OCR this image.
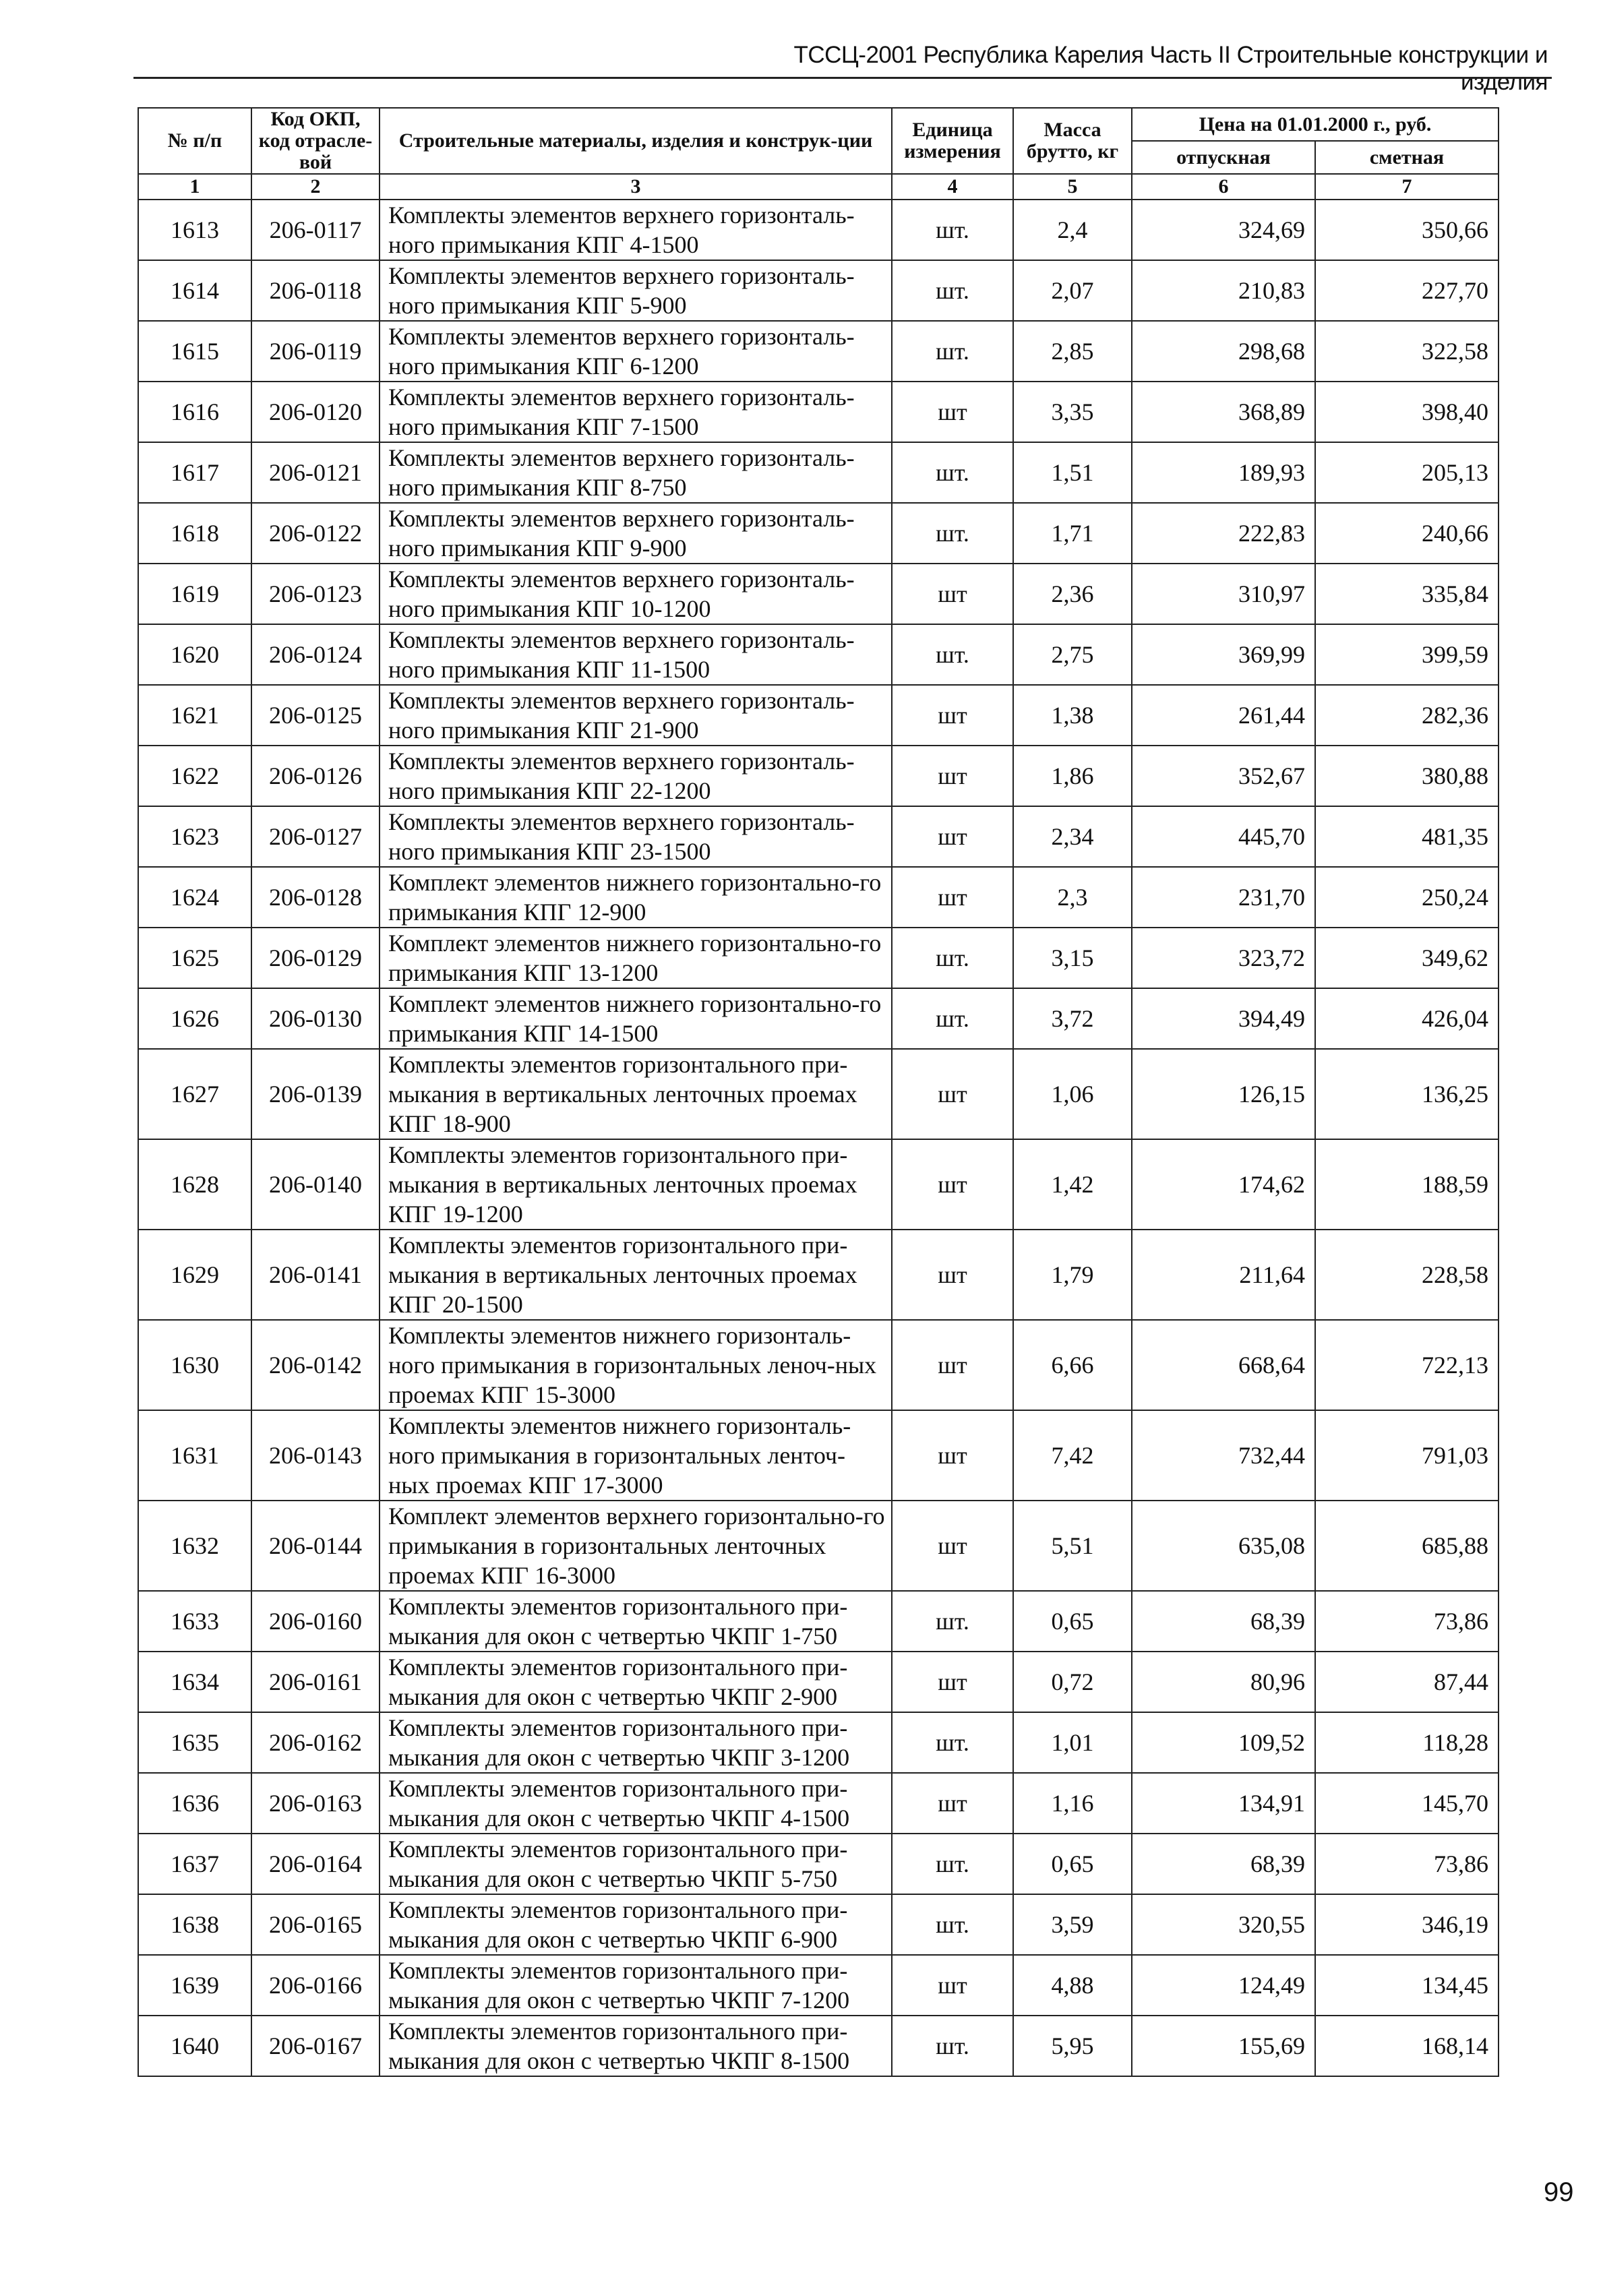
ТССЦ-2001 Республика Карелия Часть II Строительные конструкции и изделия
№ п/п	Код ОКП, код отрасле-вой	Строительные материалы, изделия и конструк-ции	Единица измерения	Масса брутто, кг	Цена на 01.01.2000 г., руб.	
					отпускная	сметная
1	2	3	4	5	6	7
1613	206-0117	Комплекты элементов верхнего горизонталь-ного примыкания КПГ 4-1500	шт.	2,4	324,69	350,66
1614	206-0118	Комплекты элементов верхнего горизонталь-ного примыкания КПГ 5-900	шт.	2,07	210,83	227,70
1615	206-0119	Комплекты элементов верхнего горизонталь-ного примыкания КПГ 6-1200	шт.	2,85	298,68	322,58
1616	206-0120	Комплекты элементов верхнего горизонталь-ного примыкания КПГ 7-1500	шт	3,35	368,89	398,40
1617	206-0121	Комплекты элементов верхнего горизонталь-ного примыкания КПГ 8-750	шт.	1,51	189,93	205,13
1618	206-0122	Комплекты элементов верхнего горизонталь-ного примыкания КПГ 9-900	шт.	1,71	222,83	240,66
1619	206-0123	Комплекты элементов верхнего горизонталь-ного примыкания КПГ 10-1200	шт	2,36	310,97	335,84
1620	206-0124	Комплекты элементов верхнего горизонталь-ного примыкания КПГ 11-1500	шт.	2,75	369,99	399,59
1621	206-0125	Комплекты элементов верхнего горизонталь-ного примыкания КПГ 21-900	шт	1,38	261,44	282,36
1622	206-0126	Комплекты элементов верхнего горизонталь-ного примыкания КПГ 22-1200	шт	1,86	352,67	380,88
1623	206-0127	Комплекты элементов верхнего горизонталь-ного примыкания КПГ 23-1500	шт	2,34	445,70	481,35
1624	206-0128	Комплект элементов нижнего горизонтально-го примыкания КПГ 12-900	шт	2,3	231,70	250,24
1625	206-0129	Комплект элементов нижнего горизонтально-го примыкания КПГ 13-1200	шт.	3,15	323,72	349,62
1626	206-0130	Комплект элементов нижнего горизонтально-го примыкания КПГ 14-1500	шт.	3,72	394,49	426,04
1627	206-0139	Комплекты элементов горизонтального при-мыкания в вертикальных ленточных проемах КПГ 18-900	шт	1,06	126,15	136,25
1628	206-0140	Комплекты элементов горизонтального при-мыкания в вертикальных ленточных проемах КПГ 19-1200	шт	1,42	174,62	188,59
1629	206-0141	Комплекты элементов горизонтального при-мыкания в вертикальных ленточных проемах КПГ 20-1500	шт	1,79	211,64	228,58
1630	206-0142	Комплекты элементов нижнего горизонталь-ного примыкания в горизонтальных леноч-ных проемах КПГ 15-3000	шт	6,66	668,64	722,13
1631	206-0143	Комплекты элементов нижнего горизонталь-ного примыкания в горизонтальных ленточ-ных проемах КПГ 17-3000	шт	7,42	732,44	791,03
1632	206-0144	Комплект элементов верхнего горизонтально-го примыкания в горизонтальных ленточных проемах КПГ 16-3000	шт	5,51	635,08	685,88
1633	206-0160	Комплекты элементов горизонтального при-мыкания для окон с четвертью ЧКПГ 1-750	шт.	0,65	68,39	73,86
1634	206-0161	Комплекты элементов горизонтального при-мыкания для окон с четвертью ЧКПГ 2-900	шт	0,72	80,96	87,44
1635	206-0162	Комплекты элементов горизонтального при-мыкания для окон с четвертью ЧКПГ 3-1200	шт.	1,01	109,52	118,28
1636	206-0163	Комплекты элементов горизонтального при-мыкания для окон с четвертью ЧКПГ 4-1500	шт	1,16	134,91	145,70
1637	206-0164	Комплекты элементов горизонтального при-мыкания для окон с четвертью ЧКПГ 5-750	шт.	0,65	68,39	73,86
1638	206-0165	Комплекты элементов горизонтального при-мыкания для окон с четвертью ЧКПГ 6-900	шт.	3,59	320,55	346,19
1639	206-0166	Комплекты элементов горизонтального при-мыкания для окон с четвертью ЧКПГ 7-1200	шт	4,88	124,49	134,45
1640	206-0167	Комплекты элементов горизонтального при-мыкания для окон с четвертью ЧКПГ 8-1500	шт.	5,95	155,69	168,14
99
